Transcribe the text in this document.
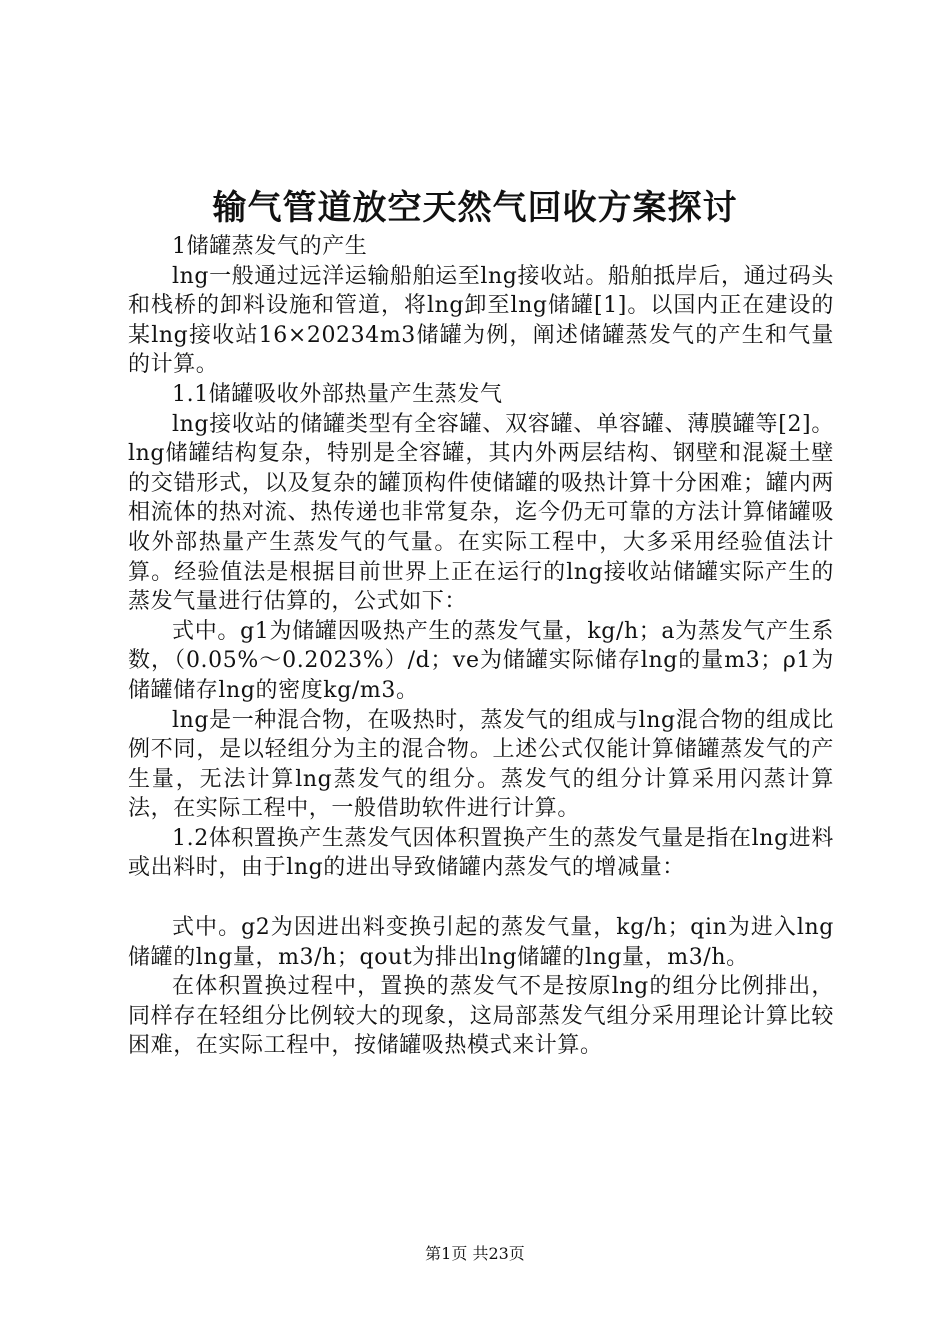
输气管道放空天然气回收方案探讨

1储罐蒸发气的产生

lng一般通过远洋运输船舶运至lng接收站。船舶抵岸后，通过码头和栈桥的卸料设施和管道，将lng卸至lng储罐[1]。以国内正在建设的某lng接收站16×20234m3储罐为例，阐述储罐蒸发气的产生和气量的计算。

1.1储罐吸收外部热量产生蒸发气

lng接收站的储罐类型有全容罐、双容罐、单容罐、薄膜罐等[2]。lng储罐结构复杂，特别是全容罐，其内外两层结构、钢壁和混凝土壁的交错形式，以及复杂的罐顶构件使储罐的吸热计算十分困难；罐内两相流体的热对流、热传递也非常复杂，迄今仍无可靠的方法计算储罐吸收外部热量产生蒸发气的气量。在实际工程中，大多采用经验值法计算。经验值法是根据目前世界上正在运行的lng接收站储罐实际产生的蒸发气量进行估算的，公式如下：

式中。g1为储罐因吸热产生的蒸发气量，kg/h；a为蒸发气产生系数，（0.05%～0.2023%）/d；ve为储罐实际储存lng的量m3；ρ1为储罐储存lng的密度kg/m3。

lng是一种混合物，在吸热时，蒸发气的组成与lng混合物的组成比例不同，是以轻组分为主的混合物。上述公式仅能计算储罐蒸发气的产生量，无法计算lng蒸发气的组分。蒸发气的组分计算采用闪蒸计算法，在实际工程中，一般借助软件进行计算。

1.2体积置换产生蒸发气因体积置换产生的蒸发气量是指在lng进料或出料时，由于lng的进出导致储罐内蒸发气的增减量：

式中。g2为因进出料变换引起的蒸发气量，kg/h；qin为进入lng储罐的lng量，m3/h；qout为排出lng储罐的lng量，m3/h。

在体积置换过程中，置换的蒸发气不是按原lng的组分比例排出，同样存在轻组分比例较大的现象，这局部蒸发气组分采用理论计算比较困难，在实际工程中，按储罐吸热模式来计算。

第1页 共23页
